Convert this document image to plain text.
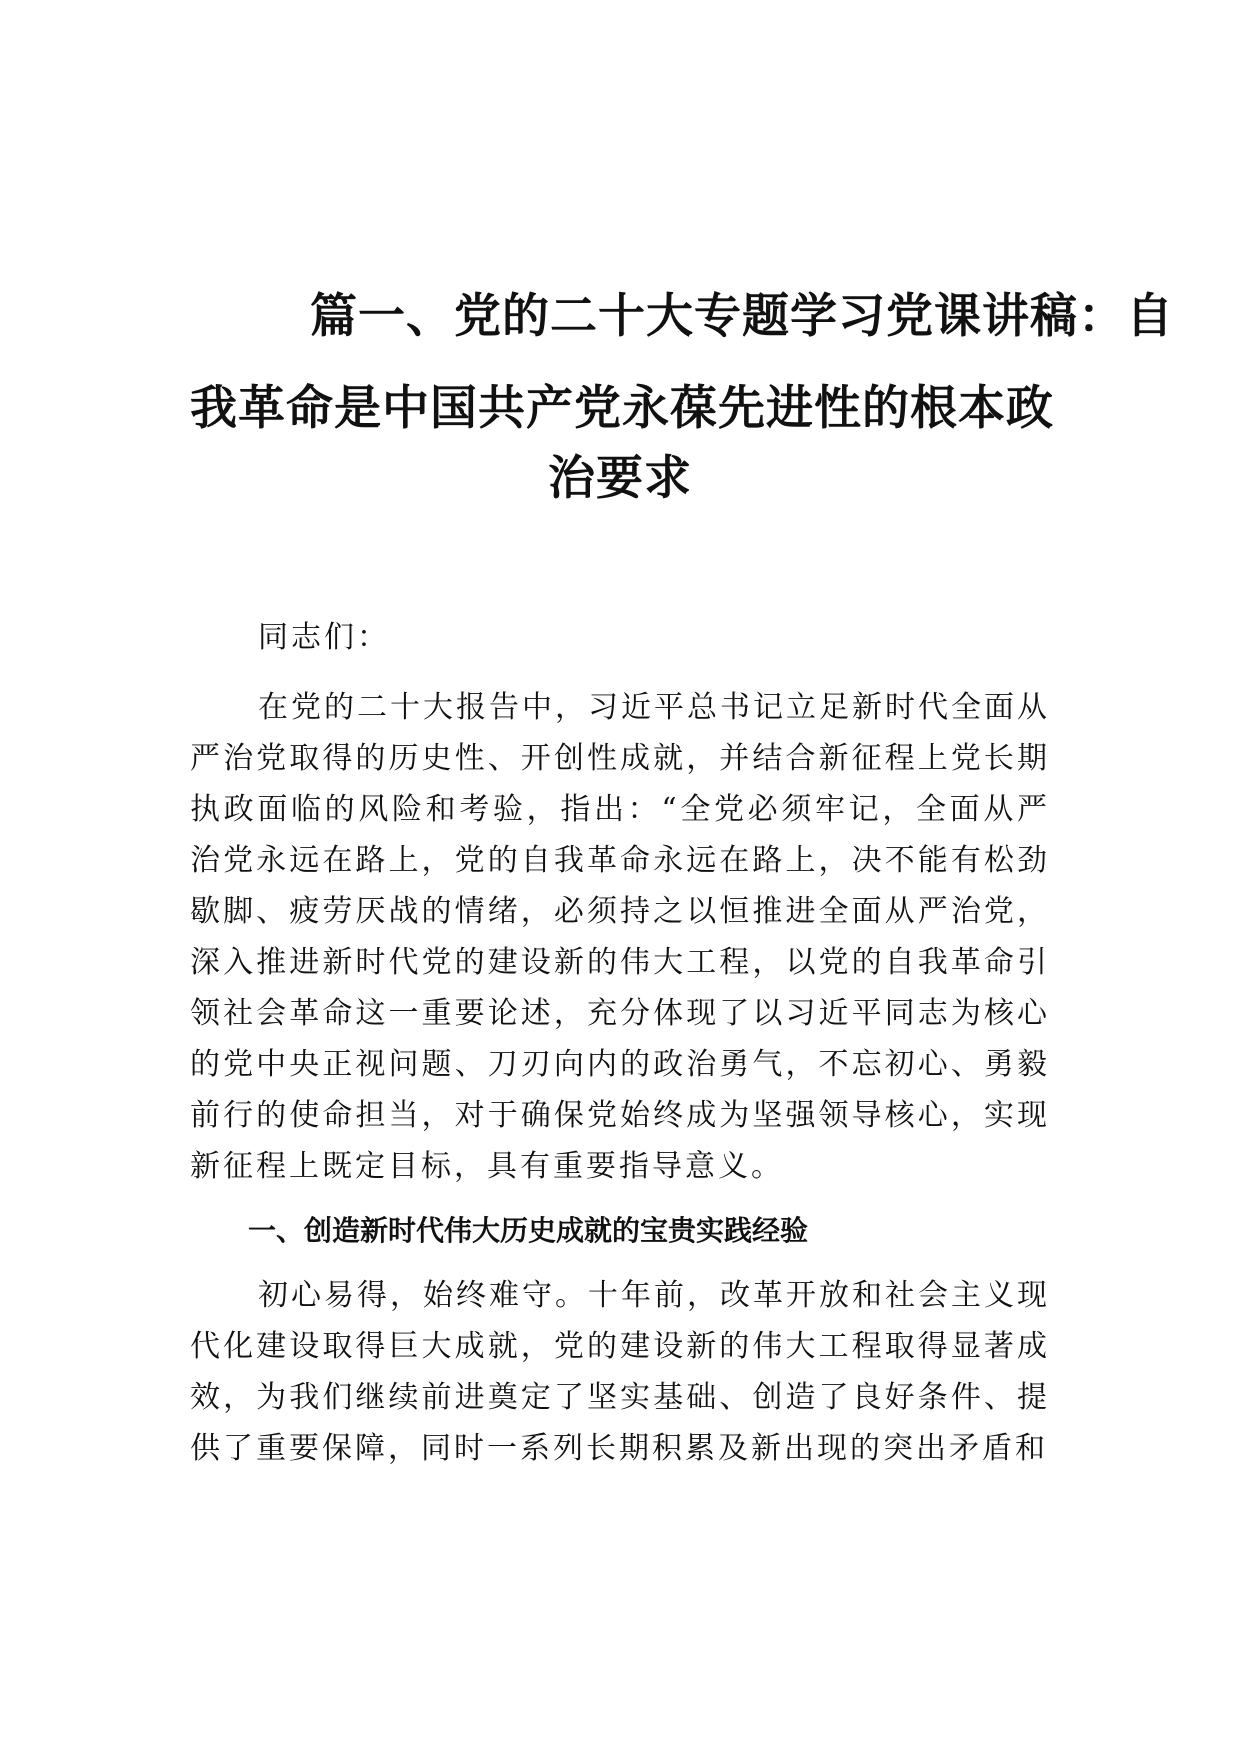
篇一、党的二十大专题学习党课讲稿：自
我革命是中国共产党永葆先进性的根本政
治要求

同志们：

在党的二十大报告中，习近平总书记立足新时代全面从严治党取得的历史性、开创性成就，并结合新征程上党长期执政面临的风险和考验，指出：“全党必须牢记，全面从严治党永远在路上，党的自我革命永远在路上，决不能有松劲歇脚、疲劳厌战的情绪，必须持之以恒推进全面从严治党，深入推进新时代党的建设新的伟大工程，以党的自我革命引领社会革命这一重要论述，充分体现了以习近平同志为核心的党中央正视问题、刀刃向内的政治勇气，不忘初心、勇毅前行的使命担当，对于确保党始终成为坚强领导核心，实现新征程上既定目标，具有重要指导意义。

一、创造新时代伟大历史成就的宝贵实践经验

初心易得，始终难守。十年前，改革开放和社会主义现代化建设取得巨大成就，党的建设新的伟大工程取得显著成效，为我们继续前进奠定了坚实基础、创造了良好条件、提供了重要保障，同时一系列长期积累及新出现的突出矛盾和
